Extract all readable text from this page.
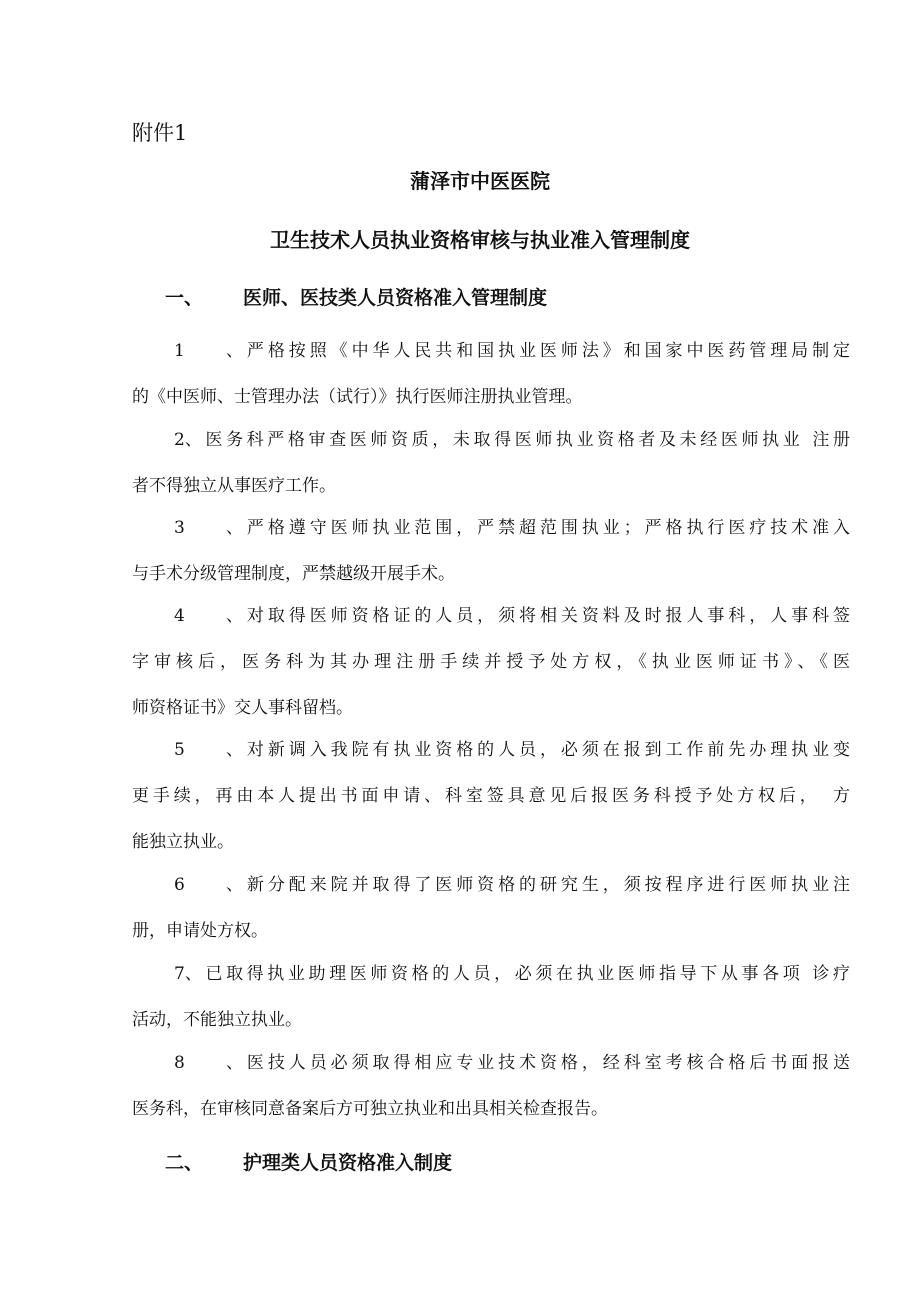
附件1
蒲泽市中医医院
卫生技术人员执业资格审核与执业准入管理制度
一、 医师、医技类人员资格准入管理制度
1、严格按照《中华人民共和国执业医师法》和国家中医药管理局制定
的《中医师、士管理办法（试行）》执行医师注册执业管理。
2、医务科严格审查医师资质，未取得医师执业资格者及未经医师执业 注册
者不得独立从事医疗工作。
3、严格遵守医师执业范围，严禁超范围执业；严格执行医疗技术准入
与手术分级管理制度，严禁越级开展手术。
4、对取得医师资格证的人员，须将相关资料及时报人事科，人事科签
字审核后，医务科为其办理注册手续并授予处方权，《执业医师证书》、《医
师资格证书》交人事科留档。
5、对新调入我院有执业资格的人员，必须在报到工作前先办理执业变
更手续，再由本人提出书面申请、科室签具意见后报医务科授予处方权后，　方
能独立执业。
6、新分配来院并取得了医师资格的研究生，须按程序进行医师执业注
册，申请处方权。
7、已取得执业助理医师资格的人员，必须在执业医师指导下从事各项 诊疗
活动，不能独立执业。
8、医技人员必须取得相应专业技术资格，经科室考核合格后书面报送
医务科，在审核同意备案后方可独立执业和出具相关检查报告。
二、 护理类人员资格准入制度
